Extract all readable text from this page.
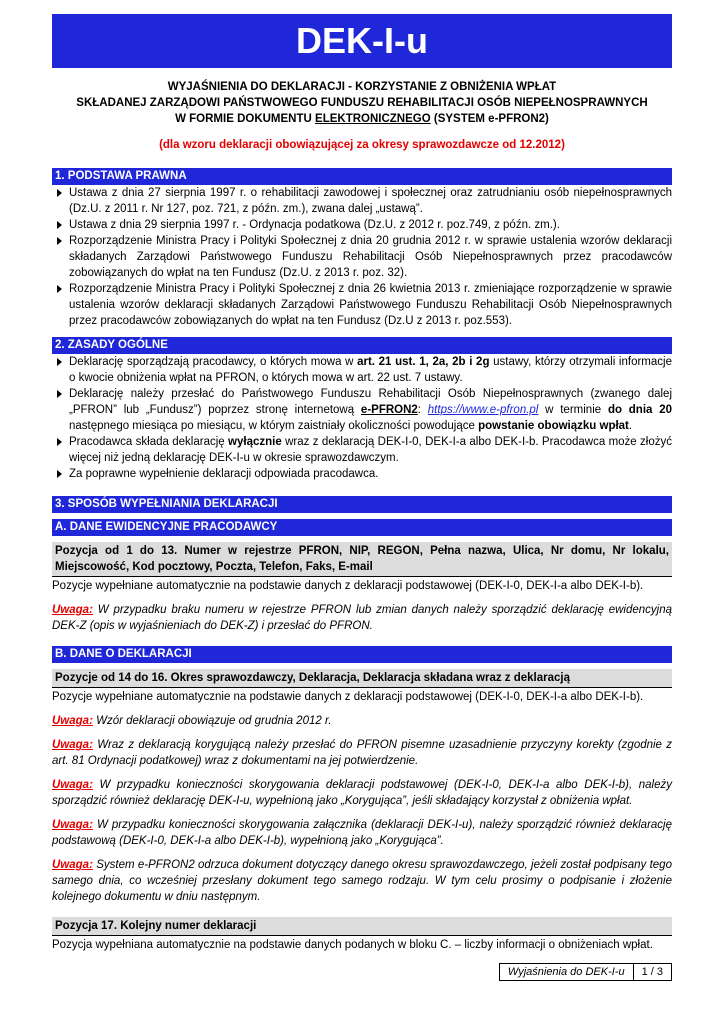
DEK-I-u
WYJAŚNIENIA DO DEKLARACJI - KORZYSTANIE Z OBNIŻENIA WPŁAT
SKŁADANEJ ZARZĄDOWI PAŃSTWOWEGO FUNDUSZU REHABILITACJI OSÓB NIEPEŁNOSPRAWNYCH
W FORMIE DOKUMENTU ELEKTRONICZNEGO (SYSTEM e-PFRON2)
(dla wzoru deklaracji obowiązującej za okresy sprawozdawcze od 12.2012)
1. PODSTAWA PRAWNA
Ustawa z dnia 27 sierpnia 1997 r. o rehabilitacji zawodowej i społecznej oraz zatrudnianiu osób niepełnosprawnych (Dz.U. z 2011 r. Nr 127, poz. 721, z późn. zm.), zwana dalej „ustawą”.
Ustawa z dnia 29 sierpnia 1997 r. - Ordynacja podatkowa (Dz.U. z 2012 r. poz.749, z późn. zm.).
Rozporządzenie Ministra Pracy i Polityki Społecznej z dnia 20 grudnia 2012 r. w sprawie ustalenia wzorów deklaracji składanych Zarządowi Państwowego Funduszu Rehabilitacji Osób Niepełnosprawnych przez pracodawców zobowiązanych do wpłat na ten Fundusz (Dz.U. z 2013 r. poz. 32).
Rozporządzenie Ministra Pracy i Polityki Społecznej z dnia 26 kwietnia 2013 r. zmieniające rozporządzenie w sprawie ustalenia wzorów deklaracji składanych Zarządowi Państwowego Funduszu Rehabilitacji Osób Niepełnosprawnych przez pracodawców zobowiązanych do wpłat na ten Fundusz (Dz.U z 2013 r. poz.553).
2. ZASADY OGÓLNE
Deklarację sporządzają pracodawcy, o których mowa w art. 21 ust. 1, 2a, 2b i 2g ustawy, którzy otrzymali informacje o kwocie obniżenia wpłat na PFRON, o których mowa w art. 22 ust. 7 ustawy.
Deklarację należy przesłać do Państwowego Funduszu Rehabilitacji Osób Niepełnosprawnych (zwanego dalej „PFRON” lub „Fundusz”) poprzez stronę internetową e-PFRON2: https://www.e-pfron.pl w terminie do dnia 20 następnego miesiąca po miesiącu, w którym zaistniały okoliczności powodujące powstanie obowiązku wpłat.
Pracodawca składa deklarację wyłącznie wraz z deklaracją DEK-I-0, DEK-I-a albo DEK-I-b. Pracodawca może złożyć więcej niż jedną deklarację DEK-I-u w okresie sprawozdawczym.
Za poprawne wypełnienie deklaracji odpowiada pracodawca.
3. SPOSÓB WYPEŁNIANIA DEKLARACJI
A. DANE EWIDENCYJNE PRACODAWCY
Pozycja od 1 do 13. Numer w rejestrze PFRON, NIP, REGON, Pełna nazwa, Ulica, Nr domu, Nr lokalu, Miejscowość, Kod pocztowy, Poczta, Telefon, Faks, E-mail
Pozycje wypełniane automatycznie na podstawie danych z deklaracji podstawowej (DEK-I-0, DEK-I-a albo DEK-I-b).
Uwaga: W przypadku braku numeru w rejestrze PFRON lub zmian danych należy sporządzić deklarację ewidencyjną DEK-Z (opis w wyjaśnieniach do DEK-Z) i przesłać do PFRON.
B. DANE O DEKLARACJI
Pozycje od 14 do 16. Okres sprawozdawczy, Deklaracja, Deklaracja składana wraz z deklaracją
Pozycje wypełniane automatycznie na podstawie danych z deklaracji podstawowej (DEK-I-0, DEK-I-a albo DEK-I-b).
Uwaga: Wzór deklaracji obowiązuje od grudnia 2012 r.
Uwaga: Wraz z deklaracją korygującą należy przesłać do PFRON pisemne uzasadnienie przyczyny korekty (zgodnie z art. 81 Ordynacji podatkowej) wraz z dokumentami na jej potwierdzenie.
Uwaga: W przypadku konieczności skorygowania deklaracji podstawowej (DEK-I-0, DEK-I-a albo DEK-I-b), należy sporządzić również deklarację DEK-I-u, wypełnioną jako „Korygująca”, jeśli składający korzystał z obniżenia wpłat.
Uwaga: W przypadku konieczności skorygowania załącznika (deklaracji DEK-I-u), należy sporządzić również deklarację podstawową (DEK-I-0, DEK-I-a albo DEK-I-b), wypełnioną jako „Korygująca”.
Uwaga: System e-PFRON2 odrzuca dokument dotyczący danego okresu sprawozdawczego, jeżeli został podpisany tego samego dnia, co wcześniej przesłany dokument tego samego rodzaju. W tym celu prosimy o podpisanie i złożenie kolejnego dokumentu w dniu następnym.
Pozycja 17. Kolejny numer deklaracji
Pozycja wypełniana automatycznie na podstawie danych podanych w bloku C. – liczby informacji o obniżeniach wpłat.
Wyjaśnienia do DEK-I-u	1 / 3
